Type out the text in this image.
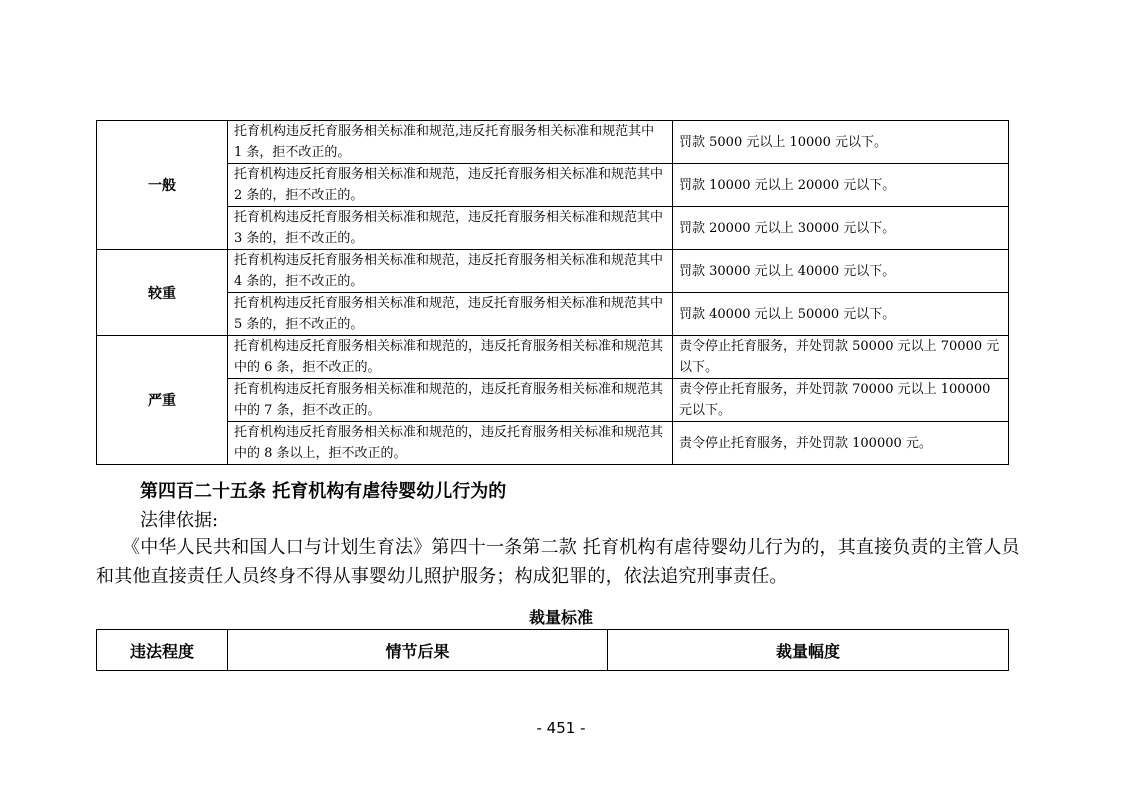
一般	托育机构违反托育服务相关标准和规范,违反托育服务相关标准和规范其中 1 条，拒不改正的。	罚款 5000 元以上 10000 元以下。
	托育机构违反托育服务相关标准和规范，违反托育服务相关标准和规范其中 2 条的，拒不改正的。	罚款 10000 元以上 20000 元以下。
	托育机构违反托育服务相关标准和规范，违反托育服务相关标准和规范其中 3 条的，拒不改正的。	罚款 20000 元以上 30000 元以下。
较重	托育机构违反托育服务相关标准和规范，违反托育服务相关标准和规范其中 4 条的，拒不改正的。	罚款 30000 元以上 40000 元以下。
	托育机构违反托育服务相关标准和规范，违反托育服务相关标准和规范其中 5 条的，拒不改正的。	罚款 40000 元以上 50000 元以下。
严重	托育机构违反托育服务相关标准和规范的，违反托育服务相关标准和规范其中的 6 条，拒不改正的。	责令停止托育服务，并处罚款 50000 元以上 70000 元以下。
	托育机构违反托育服务相关标准和规范的，违反托育服务相关标准和规范其中的 7 条，拒不改正的。	责令停止托育服务，并处罚款 70000 元以上 100000 元以下。
	托育机构违反托育服务相关标准和规范的，违反托育服务相关标准和规范其中的 8 条以上，拒不改正的。	责令停止托育服务，并处罚款 100000 元。
第四百二十五条 托育机构有虐待婴幼儿行为的
法律依据:
《中华人民共和国人口与计划生育法》第四十一条第二款 托育机构有虐待婴幼儿行为的，其直接负责的主管人员和其他直接责任人员终身不得从事婴幼儿照护服务；构成犯罪的，依法追究刑事责任。
裁量标准
违法程度	情节后果	裁量幅度
- 451 -
